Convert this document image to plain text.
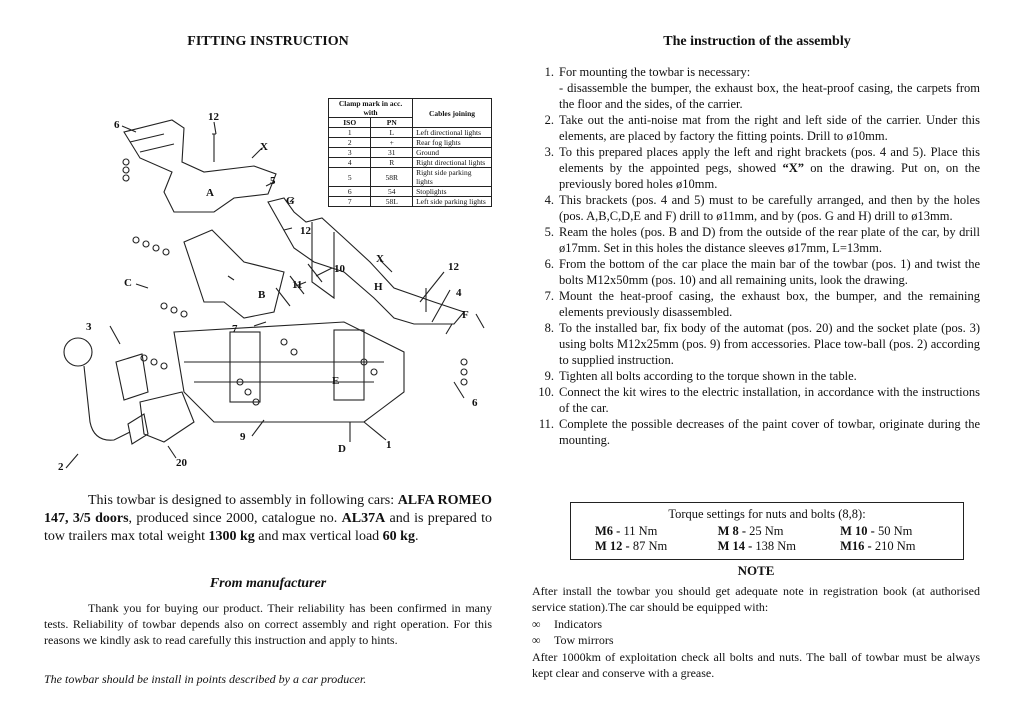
FITTING INSTRUCTION

6
12
X
A
5
G
12
10
X
12
C	11	H	4
B
F
3	7
E
6
9
1
D
2	20
Clamp mark in acc. with		Cables joining
ISO	PN	
1	L	Left directional lights
2	+	Rear fog lights
3	31	Ground
4	R	Right directional lights
5	58R	Right side parking lights
6	54	Stoplights
7	58L	Left side parking lights

This towbar is designed to assembly in following cars: ALFA ROMEO 147, 3/5 doors, produced since 2000, catalogue no. AL37A and is prepared to tow trailers max total weight 1300 kg and max vertical load 60 kg.

From manufacturer

Thank you for buying our product. Their reliability has been confirmed in many tests. Reliability of towbar depends also on correct assembly and right operation. For this reasons we kindly ask to read carefully this instruction and apply to hints.

The towbar should be install in points described by a car producer.

The instruction of the assembly

1. For mounting the towbar is necessary:
- disassemble the bumper, the exhaust box, the heat-proof casing, the carpets from the floor and the sides, of the carrier.
2. Take out the anti-noise mat from the right and left side of the carrier. Under this elements, are placed by factory the fitting points. Drill to ø10mm.
3. To this prepared places apply the left and right brackets (pos. 4 and 5). Place this elements by the appointed pegs, showed “X” on the drawing. Put on, on the previously bored holes ø10mm.
4. This brackets (pos. 4 and 5) must to be carefully arranged, and then by the holes (pos. A,B,C,D,E and F) drill to ø11mm, and by (pos. G and H) drill to ø13mm.
5. Ream the holes (pos. B and D) from the outside of the rear plate of the car, by drill ø17mm. Set in this holes the distance sleeves ø17mm, L=13mm.
6. From the bottom of the car place the main bar of the towbar (pos. 1) and twist the bolts M12x50mm (pos. 10) and all remaining units, look the drawing.
7. Mount the heat-proof casing, the exhaust box, the bumper, and the remaining elements previously disassembled.
8. To the installed bar, fix body of the automat (pos. 20) and the socket plate (pos. 3) using bolts M12x25mm (pos. 9) from accessories. Place tow-ball (pos. 2) according to supplied instruction.
9. Tighten all bolts according to the torque shown in the table.
10. Connect the kit wires to the electric installation, in accordance with the instructions of the car.
11. Complete the possible decreases of the paint cover of towbar, originate during the mounting.
Torque settings for nuts and bolts (8,8):
M6 - 11 Nm	M 8 - 25 Nm	M 10 - 50 Nm
M 12 - 87 Nm	M 14 - 138 Nm	M16 - 210 Nm

NOTE

After install the towbar you should get adequate note in registration book (at authorised service station).The car should be equipped with:

∞ Indicators
∞ Tow mirrors

After 1000km of exploitation check all bolts and nuts. The ball of towbar must be always kept clear and conserve with a grease.
